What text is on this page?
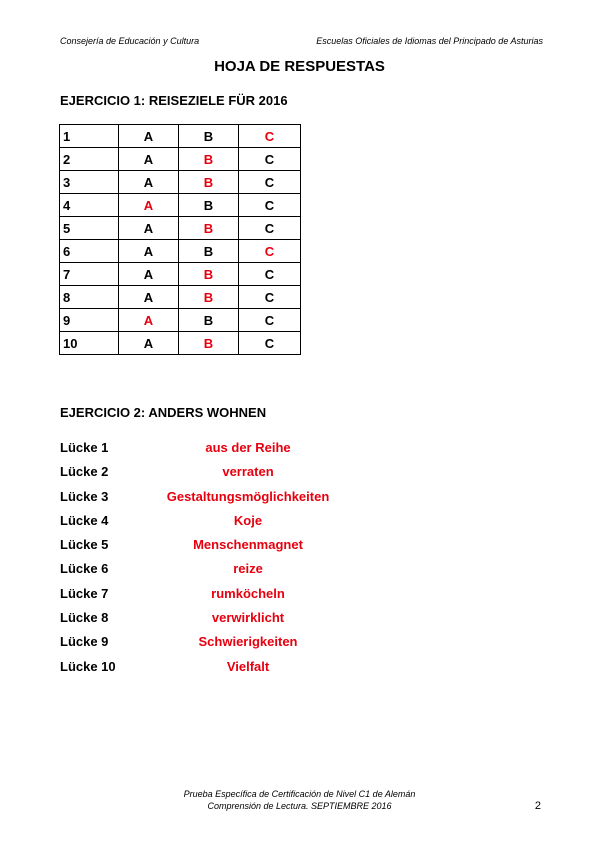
Consejería de Educación y Cultura	Escuelas Oficiales de Idiomas del Principado de Asturias
HOJA DE RESPUESTAS
EJERCICIO 1: REISEZIELE FÜR 2016
1	A	B	C
2	A	B	C
3	A	B	C
4	A	B	C
5	A	B	C
6	A	B	C
7	A	B	C
8	A	B	C
9	A	B	C
10	A	B	C
EJERCICIO 2: ANDERS WOHNEN
Lücke 1	aus der Reihe
Lücke 2	verraten
Lücke 3	Gestaltungsmöglichkeiten
Lücke 4	Koje
Lücke 5	Menschenmagnet
Lücke 6	reize
Lücke 7	rumköcheln
Lücke 8	verwirklicht
Lücke 9	Schwierigkeiten
Lücke 10	Vielfalt
Prueba Específica de Certificación de Nivel C1 de Alemán
Comprensión de Lectura. SEPTIEMBRE 2016	2
